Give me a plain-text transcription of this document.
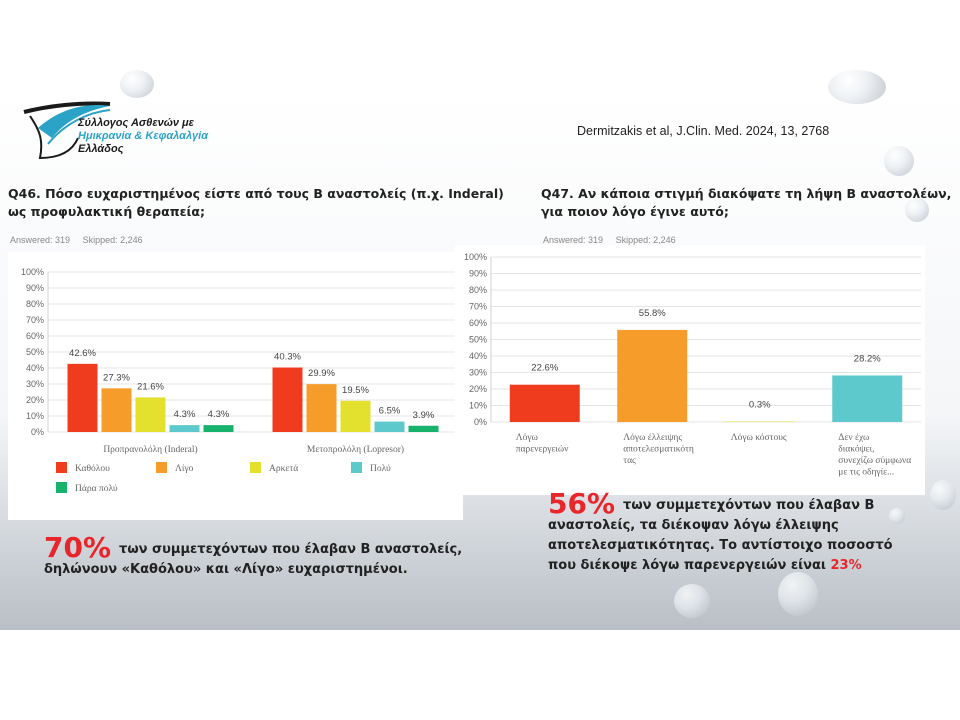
Σύλλογος Ασθενών με
Ημικρανία & Κεφαλαλγία
Ελλάδος
Dermitzakis et al, J.Clin. Med. 2024, 13, 2768
Q46. Πόσο ευχαριστημένος είστε από τους Β αναστολείς (π.χ. Inderal)
ως προφυλακτική θεραπεία;
Answered: 319 Skipped: 2,246
Q47. Αν κάποια στιγμή διακόψατε τη λήψη Β αναστολέων,
για ποιον λόγο έγινε αυτό;
Answered: 319 Skipped: 2,246
0%
10%
20%
30%
40%
50%
60%
70%
80%
90%
100%
42.6%
27.3%
21.6%
4.3% 4.3%
Προπρανολόλη (Inderal)
40.3%
29.9%
19.5%
6.5% 3.9%
Μετοπρολόλη (Lopresor)
Καθόλου	Λίγο	Αρκετά	Πολύ
Πάρα πολύ
0%
10%
20%
30%
40%
50%
60%
70%
80%
90%
100%
22.6%
Λόγω παρενεργειών
55.8%
Λόγω έλλειψης αποτελεσματικότη τας
0.3%
Λόγω κόστους
28.2%
Δεν έχω διακόψει, συνεχίζω σύμφωνα με τις οδηγίε...
70% των συμμετεχόντων που έλαβαν Β αναστολείς,
δηλώνουν «Καθόλου» και «Λίγο» ευχαριστημένοι.
56% των συμμετεχόντων που έλαβαν Β
αναστολείς, τα διέκοψαν λόγω έλλειψης
αποτελεσματικότητας. Το αντίστοιχο ποσοστό
που διέκοψε λόγω παρενεργειών είναι 23%
